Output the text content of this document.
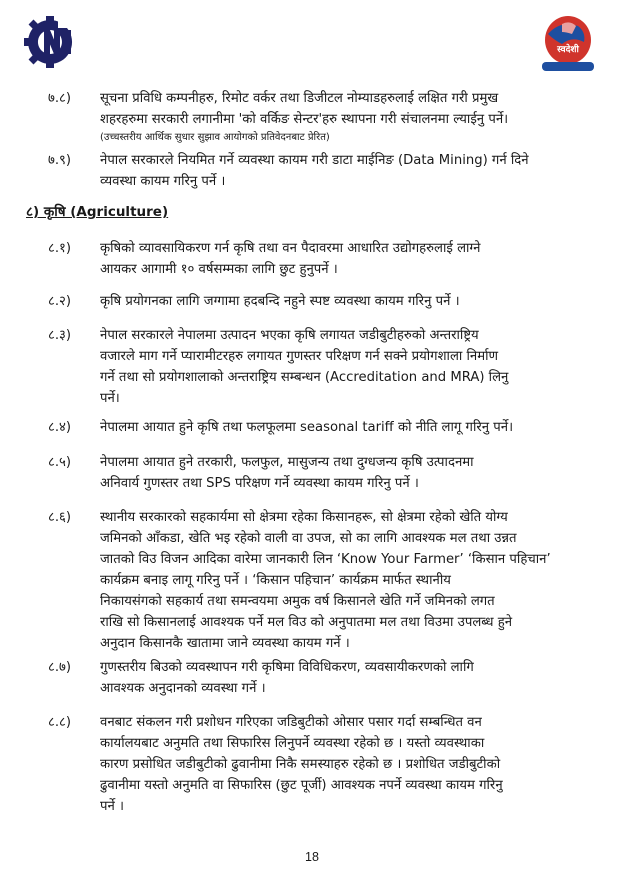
स्वदेशी
७.८)	सूचना प्रविधि कम्पनीहरु, रिमोट वर्कर तथा डिजीटल नोम्याडहरुलाई लक्षित गरी प्रमुख
शहरहरुमा सरकारी लगानीमा 'को वर्किङ सेन्टर'हरु स्थापना गरी संचालनमा ल्याईनु पर्ने।
(उच्चस्तरीय आर्थिक सुधार सुझाव आयोगको प्रतिवेदनबाट प्रेरित)
७.९)	नेपाल सरकारले नियमित गर्ने व्यवस्था कायम गरी डाटा माईनिङ (Data Mining) गर्न दिने
व्यवस्था कायम गरिनु पर्ने ।
८) कृषि (Agriculture)
८.१)	कृषिको व्यावसायिकरण गर्न कृषि तथा वन पैदावरमा आधारित उद्योगहरुलाई लाग्ने
आयकर आगामी १० वर्षसम्मका लागि छुट हुनुपर्ने ।
८.२)	कृषि प्रयोगनका लागि जग्गामा हदबन्दि नहुने स्पष्ट व्यवस्था कायम गरिनु पर्ने ।
८.३)	नेपाल सरकारले नेपालमा उत्पादन भएका कृषि लगायत जडीबुटीहरुको अन्तराष्ट्रिय
वजारले माग गर्ने प्यारामीटरहरु लगायत गुणस्तर परिक्षण गर्न सक्ने प्रयोगशाला निर्माण
गर्ने तथा सो प्रयोगशालाको अन्तराष्ट्रिय सम्बन्धन (Accreditation and MRA) लिनु
पर्ने।
८.४)	नेपालमा आयात हुने कृषि तथा फलफूलमा seasonal tariff को नीति लागू गरिनु पर्ने।
८.५)	नेपालमा आयात हुने तरकारी, फलफुल, मासुजन्य तथा दुग्धजन्य कृषि उत्पादनमा
अनिवार्य गुणस्तर तथा SPS परिक्षण गर्ने व्यवस्था कायम गरिनु पर्ने ।
८.६)	स्थानीय सरकारको सहकार्यमा सो क्षेत्रमा रहेका किसानहरू, सो क्षेत्रमा रहेको खेति योग्य
जमिनको आँकडा, खेति भइ रहेको वाली वा उपज, सो का लागि आवश्यक मल तथा उन्नत
जातको विउ विजन आदिका वारेमा जानकारी लिन ‘Know Your Farmer’ ‘किसान पहिचान’
कार्यक्रम बनाइ लागू गरिनु पर्ने । ‘किसान पहिचान’ कार्यक्रम मार्फत स्थानीय
निकायसंगको सहकार्य तथा समन्वयमा अमुक वर्ष किसानले खेति गर्ने जमिनको लगत
राखि सो किसानलाई आवश्यक पर्ने मल विउ को अनुपातमा मल तथा विउमा उपलब्ध हुने
अनुदान किसानकै खातामा जाने व्यवस्था कायम गर्ने ।
८.७)	गुणस्तरीय बिउको व्यवस्थापन गरी कृषिमा विविधिकरण, व्यवसायीकरणको लागि
आवश्यक अनुदानको व्यवस्था गर्ने ।
८.८)	वनबाट संकलन गरी प्रशोधन गरिएका जडिबुटीको ओसार पसार गर्दा सम्बन्धित वन
कार्यालयबाट अनुमति तथा सिफारिस लिनुपर्ने व्यवस्था रहेको छ । यस्तो व्यवस्थाका
कारण प्रसोधित जडीबुटीको ढुवानीमा निकै समस्याहरु रहेको छ । प्रशोधित जडीबुटीको
ढुवानीमा यस्तो अनुमति वा सिफारिस (छुट पूर्जी) आवश्यक नपर्ने व्यवस्था कायम गरिनु
पर्ने ।
18
